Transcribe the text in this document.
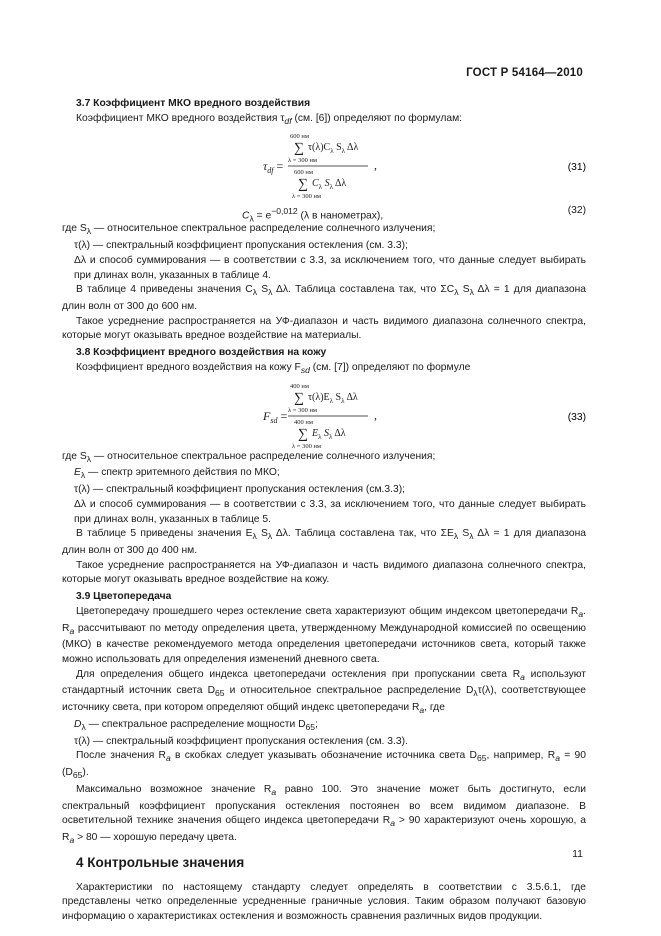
ГОСТ Р 54164—2010

3.7 Коэффициент МКО вредного воздействия

Коэффициент МКО вредного воздействия $\tau_{df}$ (см. [6]) определяют по формулам:

$\tau_{df}$ =
600 нм
∑ $\tau(\lambda)C_\lambda$ $S_\lambda$ Δλ
λ = 300 нм	,
600 нм
∑ $C_\lambda$ $S_\lambda$ Δλ
λ = 300 нм
(31)
$C_\lambda = e^{-0,012}$ (λ в нанометрах),	(32)

где $S_\lambda$ — относительное спектральное распределение солнечного излучения;

τ(λ) — спектральный коэффициент пропускания остекления (см. 3.3);

Δλ и способ суммирования — в соответствии с 3.3, за исключением того, что данные следует выбирать при длинах волн, указанных в таблице 4.

В таблице 4 приведены значения $C_\lambda$ $S_\lambda$ Δλ. Таблица составлена так, что $\Sigma C_\lambda$ $S_\lambda$ Δλ = 1 для диапазона длин волн от 300 до 600 нм.

Такое усреднение распространяется на УФ-диапазон и часть видимого диапазона солнечного спектра, которые могут оказывать вредное воздействие на материалы.

3.8 Коэффициент вредного воздействия на кожу

Коэффициент вредного воздействия на кожу $F_{sd}$ (см. [7]) определяют по формуле

$F_{sd}$ =
400 нм
∑ $\tau(\lambda)E_\lambda$ $S_\lambda$ Δλ
λ = 300 нм	,
400 нм
∑ $E_\lambda$ $S_\lambda$ Δλ
λ = 300 нм
(33)

где $S_\lambda$ — относительное спектральное распределение солнечного излучения;

$E_\lambda$ — спектр эритемного действия по МКО;

τ(λ) — спектральный коэффициент пропускания остекления (см.3.3);

Δλ и способ суммирования — в соответствии с 3.3, за исключением того, что данные следует выбирать при длинах волн, указанных в таблице 5.

В таблице 5 приведены значения $E_\lambda$ $S_\lambda$ Δλ. Таблица составлена так, что $\Sigma E_\lambda$ $S_\lambda$ Δλ = 1 для диапазона длин волн от 300 до 400 нм.

Такое усреднение распространяется на УФ-диапазон и часть видимого диапазона солнечного спектра, которые могут оказывать вредное воздействие на кожу.

3.9 Цветопередача

Цветопередачу прошедшего через остекление света характеризуют общим индексом цветопередачи $R_a$. $R_a$ рассчитывают по методу определения цвета, утвержденному Международной комиссией по освещению (МКО) в качестве рекомендуемого метода определения цветопередачи источников света, который также можно использовать для определения изменений дневного света.

Для определения общего индекса цветопередачи остекления при пропускании света $R_a$ используют стандартный источник света $D_{65}$ и относительное спектральное распределение $D_\lambda\tau(\lambda)$, соответствующее источнику света, при котором определяют общий индекс цветопередачи $R_a$, где

$D_\lambda$ — спектральное распределение мощности $D_{65}$;

τ(λ) — спектральный коэффициент пропускания остекления (см. 3.3).

После значения $R_a$ в скобках следует указывать обозначение источника света $D_{65}$, например, $R_a = 90$ $(D_{65})$.

Максимально возможное значение $R_a$ равно 100. Это значение может быть достигнуто, если спектральный коэффициент пропускания остекления постоянен во всем видимом диапазоне. В осветительной технике значения общего индекса цветопередачи $R_a > 90$ характеризуют очень хорошую, а $R_a > 80$ — хорошую передачу цвета.

4 Контрольные значения

Характеристики по настоящему стандарту следует определять в соответствии с 3.5.6.1, где представлены четко определенные усредненные граничные условия. Таким образом получают базовую информацию о характеристиках остекления и возможность сравнения различных видов продукции.

11
